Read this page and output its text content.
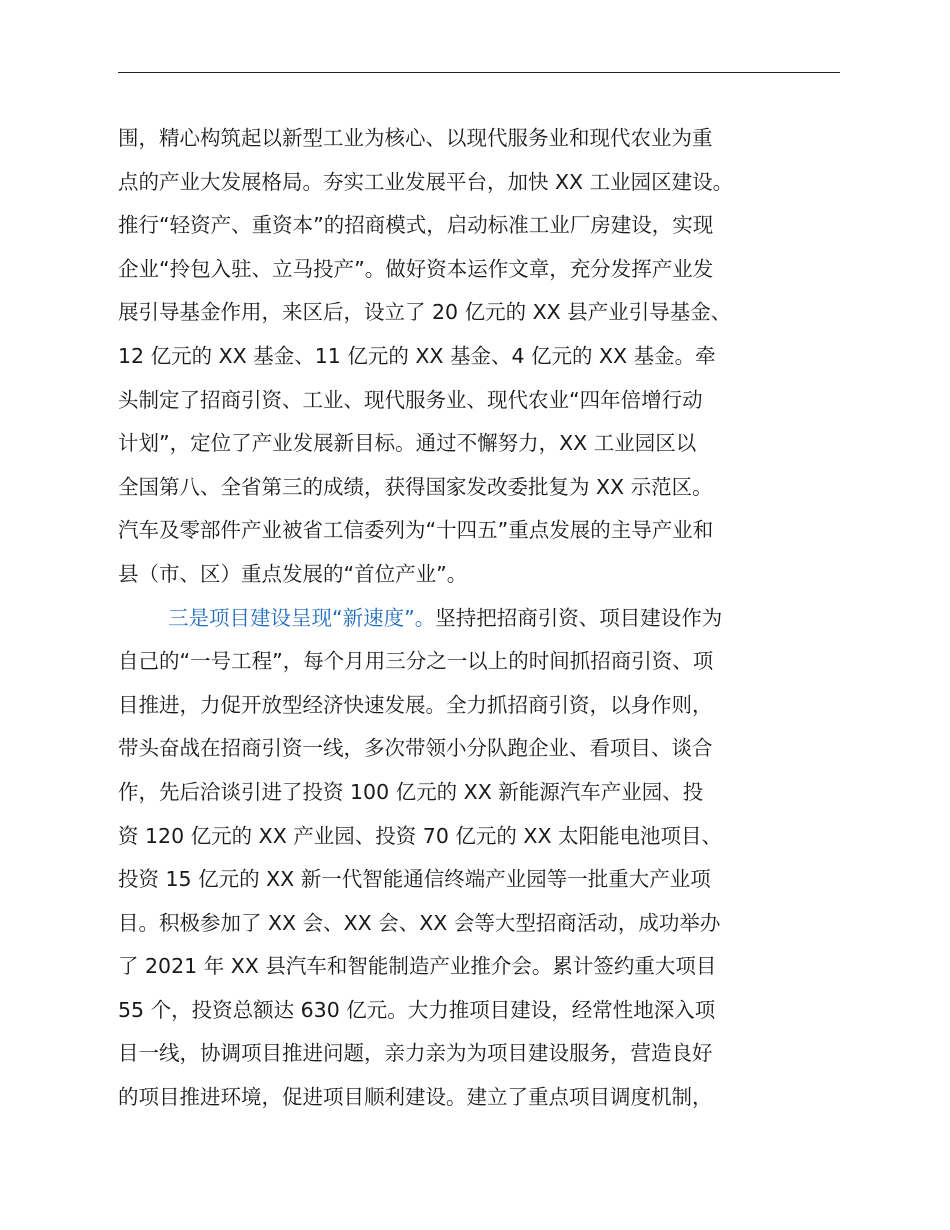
围，精心构筑起以新型工业为核心、以现代服务业和现代农业为重
点的产业大发展格局。夯实工业发展平台，加快 XX 工业园区建设。
推行“轻资产、重资本”的招商模式，启动标准工业厂房建设，实现
企业“拎包入驻、立马投产”。做好资本运作文章，充分发挥产业发
展引导基金作用，来区后，设立了 20 亿元的 XX 县产业引导基金、
12 亿元的 XX 基金、11 亿元的 XX 基金、4 亿元的 XX 基金。牵
头制定了招商引资、工业、现代服务业、现代农业“四年倍增行动
计划”，定位了产业发展新目标。通过不懈努力，XX 工业园区以
全国第八、全省第三的成绩，获得国家发改委批复为 XX 示范区。
汽车及零部件产业被省工信委列为“十四五”重点发展的主导产业和
县（市、区）重点发展的“首位产业”。
三是项目建设呈现“新速度”。坚持把招商引资、项目建设作为
自己的“一号工程”，每个月用三分之一以上的时间抓招商引资、项
目推进，力促开放型经济快速发展。全力抓招商引资，以身作则，
带头奋战在招商引资一线，多次带领小分队跑企业、看项目、谈合
作，先后洽谈引进了投资 100 亿元的 XX 新能源汽车产业园、投
资 120 亿元的 XX 产业园、投资 70 亿元的 XX 太阳能电池项目、
投资 15 亿元的 XX 新一代智能通信终端产业园等一批重大产业项
目。积极参加了 XX 会、XX 会、XX 会等大型招商活动，成功举办
了 2021 年 XX 县汽车和智能制造产业推介会。累计签约重大项目
55 个，投资总额达 630 亿元。大力推项目建设，经常性地深入项
目一线，协调项目推进问题，亲力亲为为项目建设服务，营造良好
的项目推进环境，促进项目顺利建设。建立了重点项目调度机制，
